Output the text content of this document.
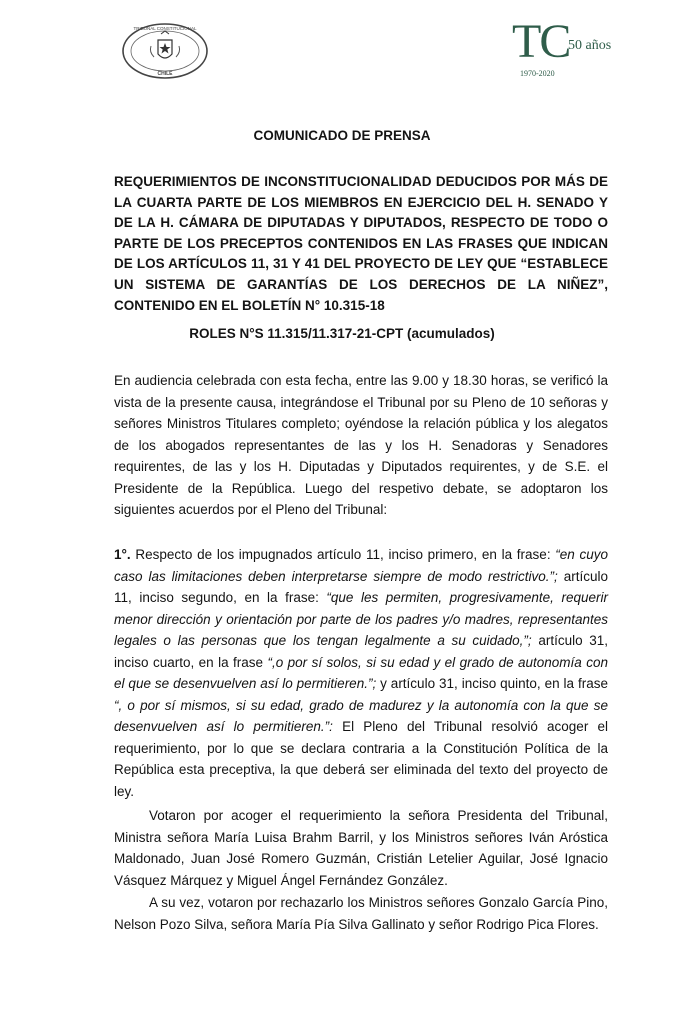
TRIBUNAL CONSTITUCIONAL
CHILE
TC
50 años
1970-2020
COMUNICADO DE PRENSA
REQUERIMIENTOS DE INCONSTITUCIONALIDAD DEDUCIDOS POR MÁS DE LA CUARTA PARTE DE LOS MIEMBROS EN EJERCICIO DEL H. SENADO Y DE LA H. CÁMARA DE DIPUTADAS Y DIPUTADOS, RESPECTO DE TODO O PARTE DE LOS PRECEPTOS CONTENIDOS EN LAS FRASES QUE INDICAN DE LOS ARTÍCULOS 11, 31 Y 41 DEL PROYECTO DE LEY QUE “ESTABLECE UN SISTEMA DE GARANTÍAS DE LOS DERECHOS DE LA NIÑEZ”, CONTENIDO EN EL BOLETÍN N° 10.315-18
ROLES N°S 11.315/11.317-21-CPT (acumulados)
En audiencia celebrada con esta fecha, entre las 9.00 y 18.30 horas, se verificó la vista de la presente causa, integrándose el Tribunal por su Pleno de 10 señoras y señores Ministros Titulares completo; oyéndose la relación pública y los alegatos de los abogados representantes de las y los H. Senadoras y Senadores requirentes, de las y los H. Diputadas y Diputados requirentes, y de S.E. el Presidente de la República. Luego del respetivo debate, se adoptaron los siguientes acuerdos por el Pleno del Tribunal:
1°. Respecto de los impugnados artículo 11, inciso primero, en la frase: “en cuyo caso las limitaciones deben interpretarse siempre de modo restrictivo.”; artículo 11, inciso segundo, en la frase: “que les permiten, progresivamente, requerir menor dirección y orientación por parte de los padres y/o madres, representantes legales o las personas que los tengan legalmente a su cuidado,”; artículo 31, inciso cuarto, en la frase “,o por sí solos, si su edad y el grado de autonomía con el que se desenvuelven así lo permitieren.”; y artículo 31, inciso quinto, en la frase “, o por sí mismos, si su edad, grado de madurez y la autonomía con la que se desenvuelven así lo permitieren.”: El Pleno del Tribunal resolvió acoger el requerimiento, por lo que se declara contraria a la Constitución Política de la República esta preceptiva, la que deberá ser eliminada del texto del proyecto de ley.
Votaron por acoger el requerimiento la señora Presidenta del Tribunal, Ministra señora María Luisa Brahm Barril, y los Ministros señores Iván Aróstica Maldonado, Juan José Romero Guzmán, Cristián Letelier Aguilar, José Ignacio Vásquez Márquez y Miguel Ángel Fernández González.
A su vez, votaron por rechazarlo los Ministros señores Gonzalo García Pino, Nelson Pozo Silva, señora María Pía Silva Gallinato y señor Rodrigo Pica Flores.
